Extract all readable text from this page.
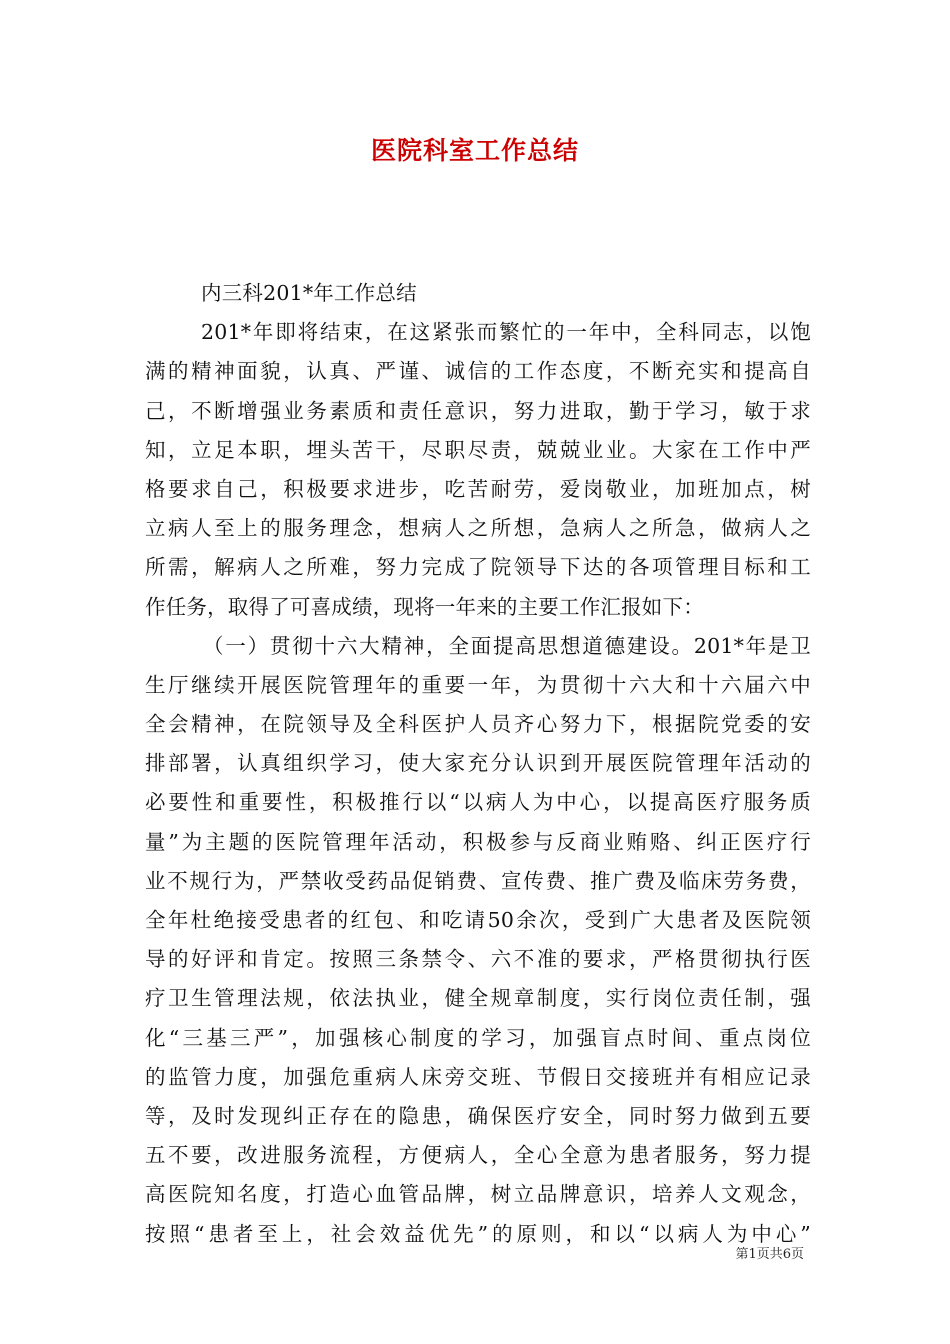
医院科室工作总结
内三科201*年工作总结
201*年即将结束，在这紧张而繁忙的一年中，全科同志，以饱
满的精神面貌，认真、严谨、诚信的工作态度，不断充实和提高自
己，不断增强业务素质和责任意识，努力进取，勤于学习，敏于求
知，立足本职，埋头苦干，尽职尽责，兢兢业业。大家在工作中严
格要求自己，积极要求进步，吃苦耐劳，爱岗敬业，加班加点，树
立病人至上的服务理念，想病人之所想，急病人之所急，做病人之
所需，解病人之所难，努力完成了院领导下达的各项管理目标和工
作任务，取得了可喜成绩，现将一年来的主要工作汇报如下：
（一）贯彻十六大精神，全面提高思想道德建设。201*年是卫
生厅继续开展医院管理年的重要一年，为贯彻十六大和十六届六中
全会精神，在院领导及全科医护人员齐心努力下，根据院党委的安
排部署，认真组织学习，使大家充分认识到开展医院管理年活动的
必要性和重要性，积极推行以“以病人为中心，以提高医疗服务质
量”为主题的医院管理年活动，积极参与反商业贿赂、纠正医疗行
业不规行为，严禁收受药品促销费、宣传费、推广费及临床劳务费，
全年杜绝接受患者的红包、和吃请50余次，受到广大患者及医院领
导的好评和肯定。按照三条禁令、六不准的要求，严格贯彻执行医
疗卫生管理法规，依法执业，健全规章制度，实行岗位责任制，强
化“三基三严”，加强核心制度的学习，加强盲点时间、重点岗位
的监管力度，加强危重病人床旁交班、节假日交接班并有相应记录
等，及时发现纠正存在的隐患，确保医疗安全，同时努力做到五要
五不要，改进服务流程，方便病人，全心全意为患者服务，努力提
高医院知名度，打造心血管品牌，树立品牌意识，培养人文观念，
按照“患者至上，社会效益优先”的原则，和以“以病人为中心”
第1页共6页
